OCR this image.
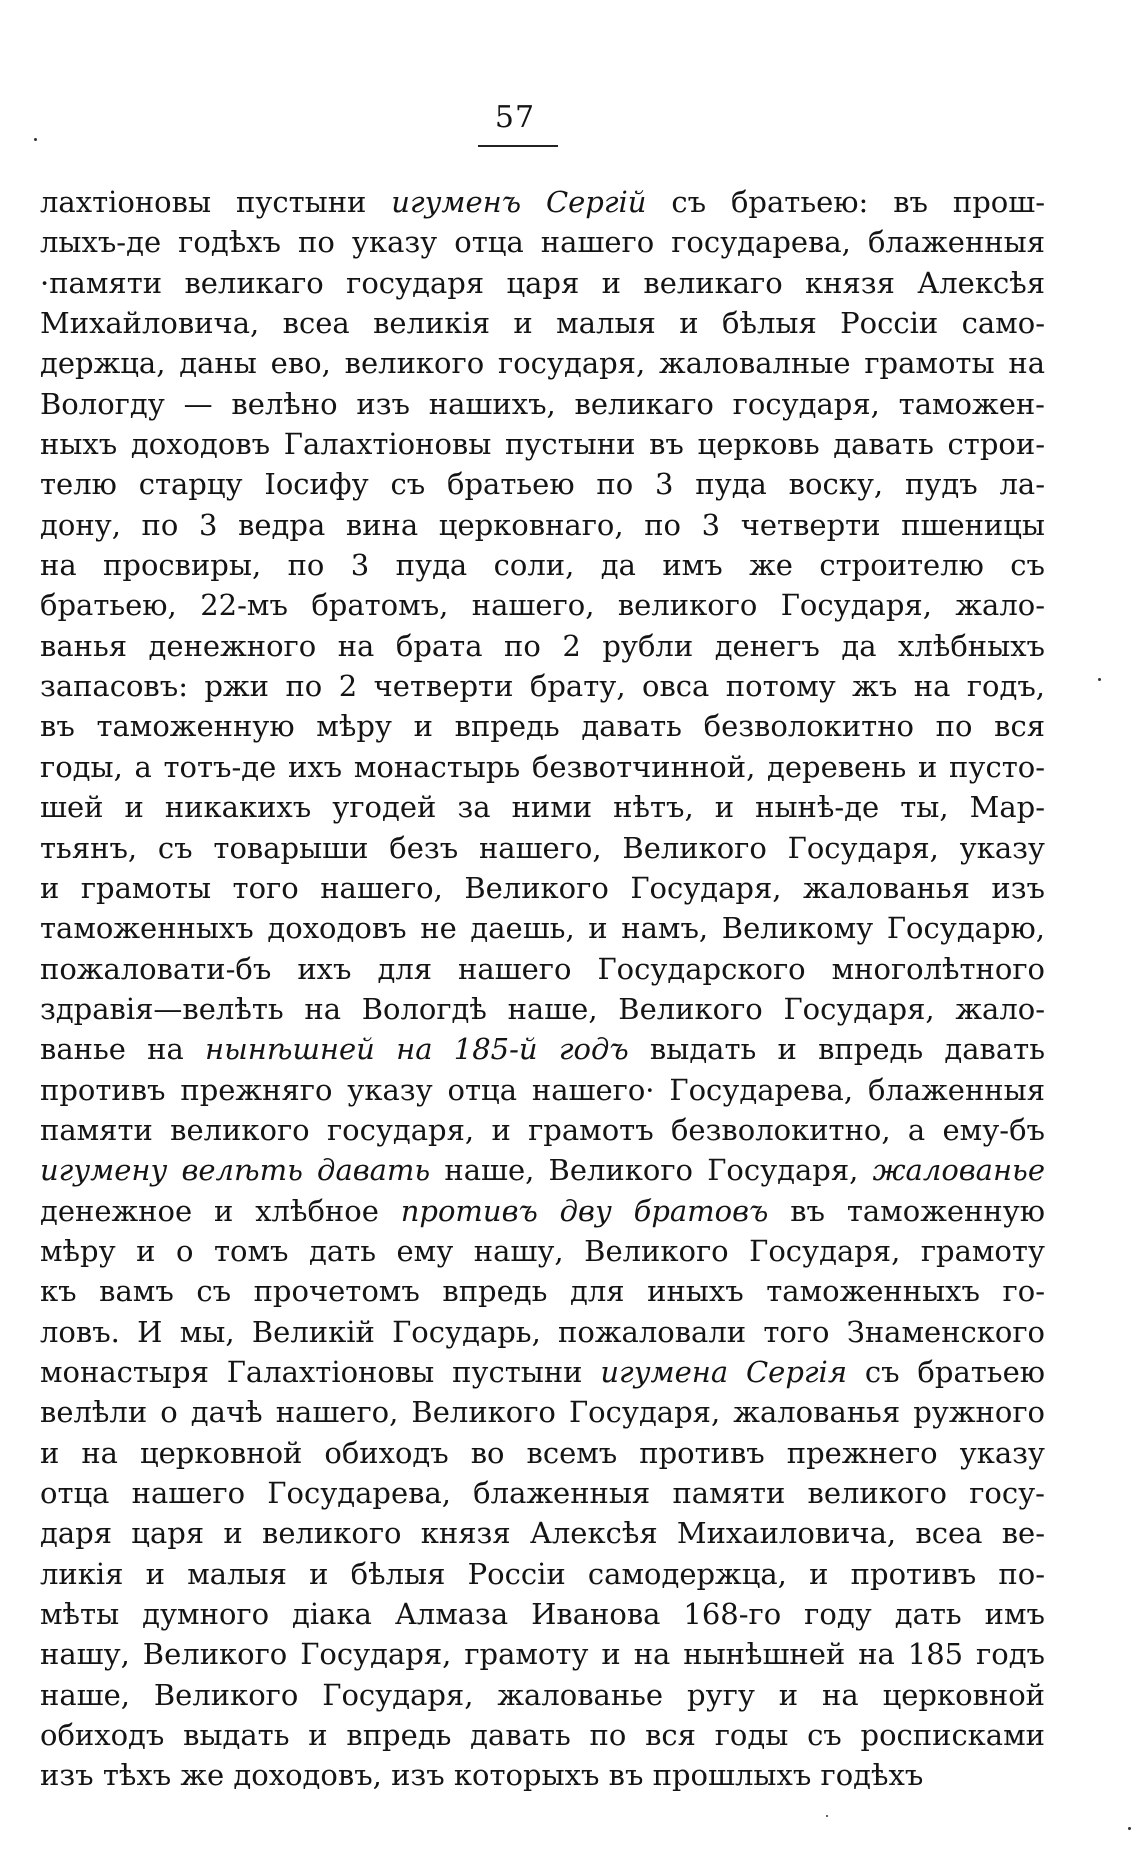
57
лахтіоновы пустыни игуменъ Сергій съ братьею: въ прош-
лыхъ-де годѣхъ по указу отца нашего государева, блаженныя
·памяти великаго государя царя и великаго князя Алексѣя
Михайловича, всеа великія и малыя и бѣлыя Россіи само-
держца, даны ево, великого государя, жаловалные грамоты на
Вологду — велѣно изъ нашихъ, великаго государя, таможен-
ныхъ доходовъ Галахтіоновы пустыни въ церковь давать строи-
телю старцу Іосифу съ братьею по 3 пуда воску, пудъ ла-
дону, по 3 ведра вина церковнаго, по 3 четверти пшеницы
на просвиры, по 3 пуда соли, да имъ же строителю съ
братьею, 22-мъ братомъ, нашего, великого Государя, жало-
ванья денежного на брата по 2 рубли денегъ да хлѣбныхъ
запасовъ: ржи по 2 четверти брату, овса потому жъ на годъ,
въ таможенную мѣру и впредь давать безволокитно по вся
годы, а тотъ-де ихъ монастырь безвотчинной, деревень и пусто-
шей и никакихъ угодей за ними нѣтъ, и нынѣ-де ты, Мар-
тьянъ, съ товарыши безъ нашего, Великого Государя, указу
и грамоты того нашего, Великого Государя, жалованья изъ
таможенныхъ доходовъ не даешь, и намъ, Великому Государю,
пожаловати-бъ ихъ для нашего Государского многолѣтного
здравія—велѣть на Вологдѣ наше, Великого Государя, жало-
ванье на нынѣшней на 185-й годъ выдать и впредь давать
противъ прежняго указу отца нашего· Государева, блаженныя
памяти великого государя, и грамотъ безволокитно, а ему-бъ
игумену велѣть давать наше, Великого Государя, жалованье
денежное и хлѣбное противъ дву братовъ въ таможенную
мѣру и о томъ дать ему нашу, Великого Государя, грамоту
къ вамъ съ прочетомъ впредь для иныхъ таможенныхъ го-
ловъ. И мы, Великій Государь, пожаловали того Знаменского
монастыря Галахтіоновы пустыни игумена Сергія съ братьею
велѣли о дачѣ нашего, Великого Государя, жалованья ружного
и на церковной обиходъ во всемъ противъ прежнего указу
отца нашего Государева, блаженныя памяти великого госу-
даря царя и великого князя Алексѣя Михаиловича, всеа ве-
ликія и малыя и бѣлыя Россіи самодержца, и противъ по-
мѣты думного діака Алмаза Иванова 168-го году дать имъ
нашу, Великого Государя, грамоту и на нынѣшней на 185 годъ
наше, Великого Государя, жалованье ругу и на церковной
обиходъ выдать и впредь давать по вся годы съ росписками
изъ тѣхъ же доходовъ, изъ которыхъ въ прошлыхъ годѣхъ
